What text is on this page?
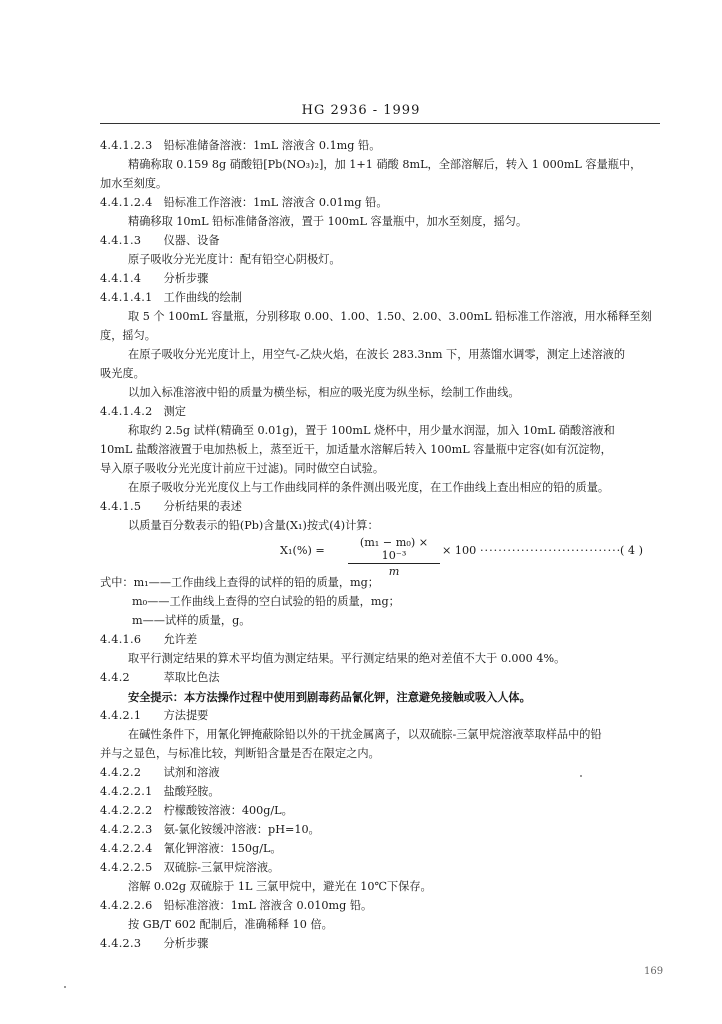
HG 2936 - 1999
4.4.1.2.3 铅标准储备溶液：1mL 溶液含 0.1mg 铅。
精确称取 0.159 8g 硝酸铅[Pb(NO₃)₂]，加 1+1 硝酸 8mL，全部溶解后，转入 1 000mL 容量瓶中，
加水至刻度。
4.4.1.2.4 铅标准工作溶液：1mL 溶液含 0.01mg 铅。
精确移取 10mL 铅标准储备溶液，置于 100mL 容量瓶中，加水至刻度，摇匀。
4.4.1.3 仪器、设备
原子吸收分光光度计：配有铅空心阴极灯。
4.4.1.4 分析步骤
4.4.1.4.1 工作曲线的绘制
取 5 个 100mL 容量瓶，分别移取 0.00、1.00、1.50、2.00、3.00mL 铅标准工作溶液，用水稀释至刻
度，摇匀。
在原子吸收分光光度计上，用空气-乙炔火焰，在波长 283.3nm 下，用蒸馏水调零，测定上述溶液的
吸光度。
以加入标准溶液中铅的质量为横坐标，相应的吸光度为纵坐标，绘制工作曲线。
4.4.1.4.2 测定
称取约 2.5g 试样(精确至 0.01g)，置于 100mL 烧杯中，用少量水润湿，加入 10mL 硝酸溶液和
10mL 盐酸溶液置于电加热板上，蒸至近干，加适量水溶解后转入 100mL 容量瓶中定容(如有沉淀物，
导入原子吸收分光光度计前应干过滤)。同时做空白试验。
在原子吸收分光光度仪上与工作曲线同样的条件测出吸光度，在工作曲线上查出相应的铅的质量。
4.4.1.5 分析结果的表述
以质量百分数表示的铅(Pb)含量(X₁)按式(4)计算：
$X_1(\%) = \frac{\text{(m₁ − m₀) × 10⁻³}}{m} \times 100$ ·······························
( 4 )
式中：m₁——工作曲线上查得的试样的铅的质量，mg；
m₀——工作曲线上查得的空白试验的铅的质量，mg；
m——试样的质量，g。
4.4.1.6 允许差
取平行测定结果的算术平均值为测定结果。平行测定结果的绝对差值不大于 0.000 4%。
4.4.2	萃取比色法
安全提示：本方法操作过程中使用到剧毒药品氰化钾，注意避免接触或吸入人体。
4.4.2.1 方法提要
在碱性条件下，用氰化钾掩蔽除铅以外的干扰金属离子，以双硫腙-三氯甲烷溶液萃取样品中的铅
并与之显色，与标准比较，判断铅含量是否在限定之内。
4.4.2.2 试剂和溶液
4.4.2.2.1 盐酸羟胺。
4.4.2.2.2 柠檬酸铵溶液：400g/L。
4.4.2.2.3 氨-氯化铵缓冲溶液：pH=10。
4.4.2.2.4 氰化钾溶液：150g/L。
4.4.2.2.5 双硫腙-三氯甲烷溶液。
溶解 0.02g 双硫腙于 1L 三氯甲烷中，避光在 10℃下保存。
4.4.2.2.6 铅标准溶液：1mL 溶液含 0.010mg 铅。
按 GB/T 602 配制后，准确稀释 10 倍。
4.4.2.3 分析步骤
169
